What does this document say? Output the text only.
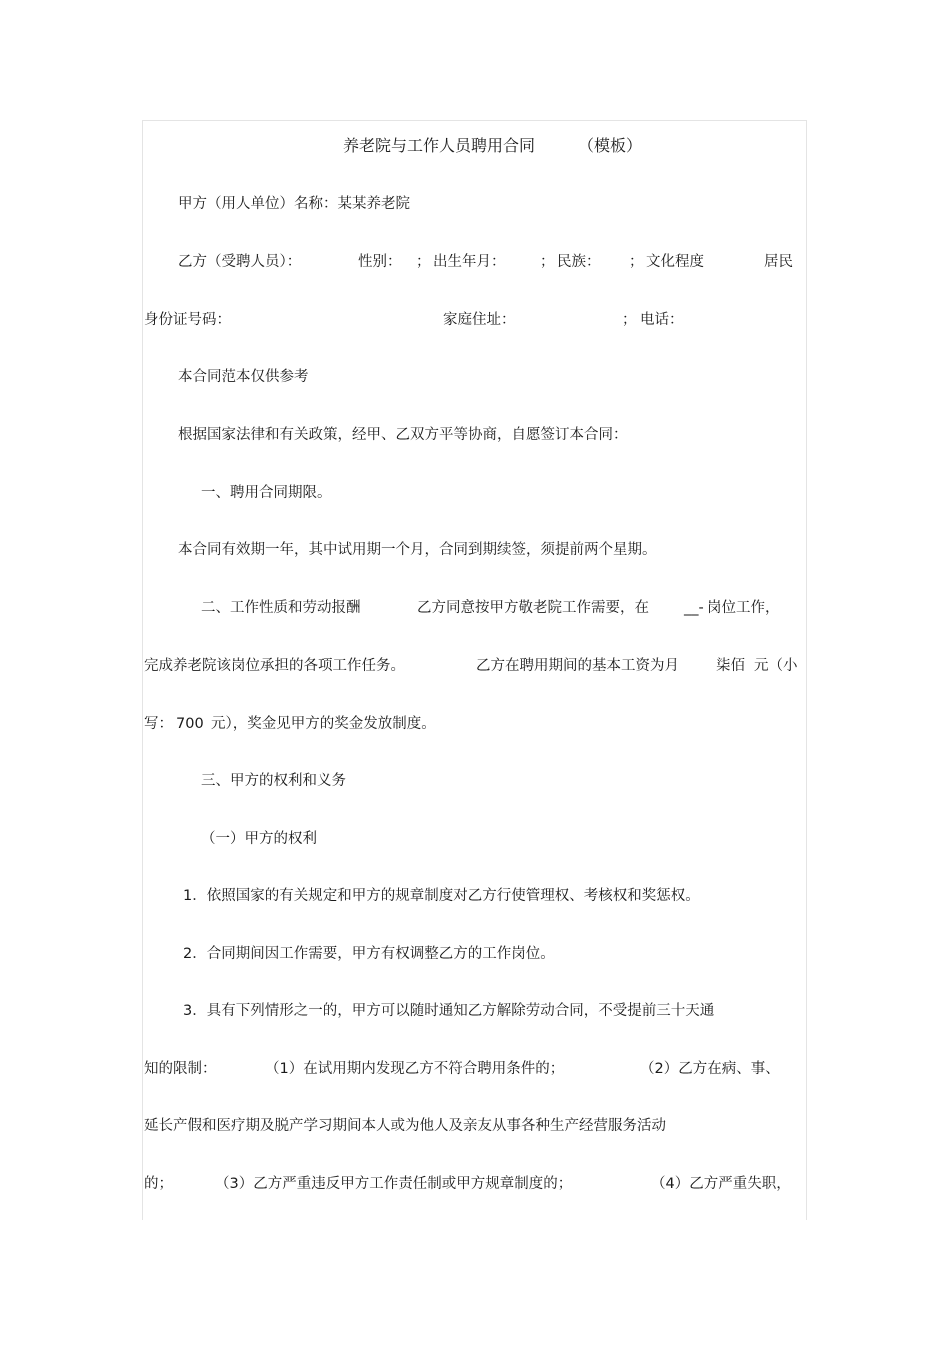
养老院与工作人员聘用合同	（模板）
甲方（用人单位）名称：某某养老院
乙方（受聘人员）：	性别： ； 出生年月： ； 民族： ； 文化程度	居民
身份证号码：	家庭住址：	； 电话：
本合同范本仅供参考
根据国家法律和有关政策，经甲、乙双方平等协商，自愿签订本合同：
一、聘用合同期限。
本合同有效期一年，其中试用期一个月，合同到期续签，须提前两个星期。
二、工作性质和劳动报酬	乙方同意按甲方敬老院工作需要，在 __- 岗位工作，
完成养老院该岗位承担的各项工作任务。	乙方在聘用期间的基本工资为月	柒佰 元（小
写： 700 元），奖金见甲方的奖金发放制度。
三、甲方的权利和义务
（一）甲方的权利
1．依照国家的有关规定和甲方的规章制度对乙方行使管理权、考核权和奖惩权。
2．合同期间因工作需要，甲方有权调整乙方的工作岗位。
3．具有下列情形之一的，甲方可以随时通知乙方解除劳动合同，不受提前三十天通
知的限制：	（1）在试用期内发现乙方不符合聘用条件的；	（2）乙方在病、事、
延长产假和医疗期及脱产学习期间本人或为他人及亲友从事各种生产经营服务活动
的；	（3）乙方严重违反甲方工作责任制或甲方规章制度的；	（4）乙方严重失职，
